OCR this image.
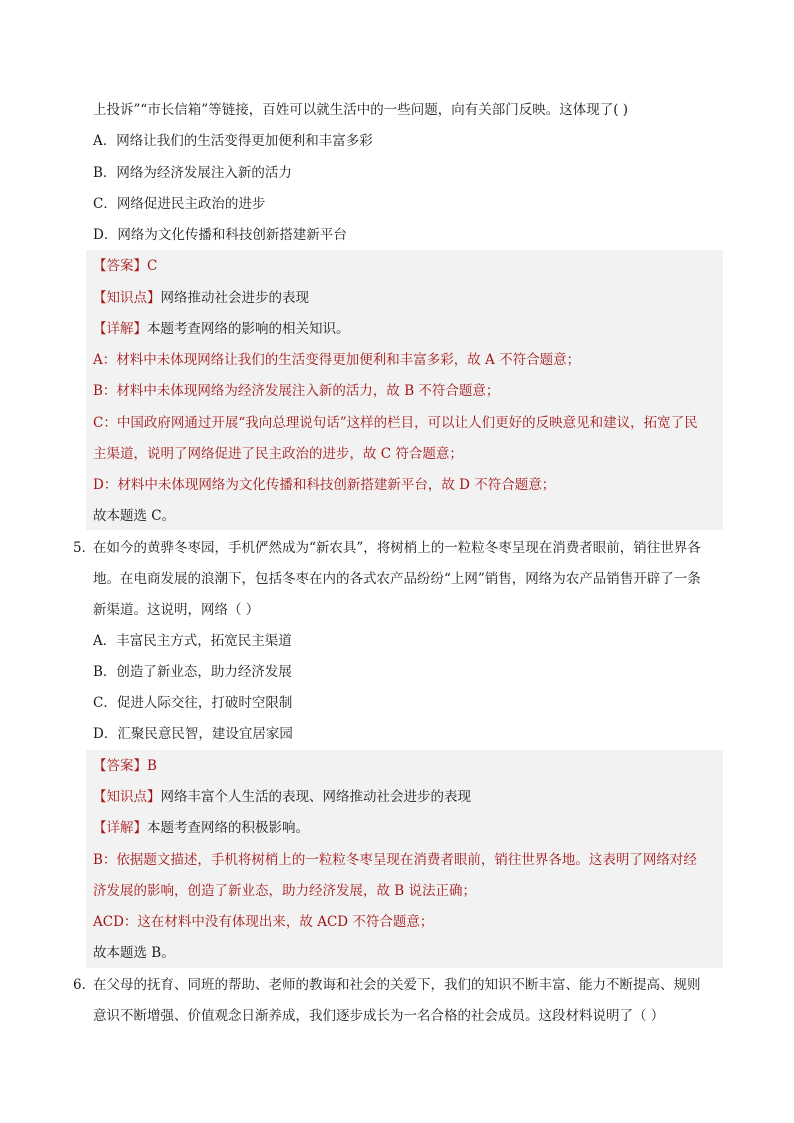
上投诉”“市长信箱”等链接，百姓可以就生活中的一些问题，向有关部门反映。这体现了( )
A．网络让我们的生活变得更加便利和丰富多彩
B．网络为经济发展注入新的活力
C．网络促进民主政治的进步
D．网络为文化传播和科技创新搭建新平台
【答案】C
【知识点】网络推动社会进步的表现
【详解】本题考查网络的影响的相关知识。
A：材料中未体现网络让我们的生活变得更加便利和丰富多彩，故 A 不符合题意；
B：材料中未体现网络为经济发展注入新的活力，故 B 不符合题意；
C：中国政府网通过开展“我向总理说句话”这样的栏目，可以让人们更好的反映意见和建议，拓宽了民
主渠道，说明了网络促进了民主政治的进步，故 C 符合题意；
D：材料中未体现网络为文化传播和科技创新搭建新平台，故 D 不符合题意；
故本题选 C。
5．
在如今的黄骅冬枣园，手机俨然成为“新农具”，将树梢上的一粒粒冬枣呈现在消费者眼前，销往世界各
地。在电商发展的浪潮下，包括冬枣在内的各式农产品纷纷“上网”销售，网络为农产品销售开辟了一条
新渠道。这说明，网络（ ）
A．丰富民主方式，拓宽民主渠道
B．创造了新业态，助力经济发展
C．促进人际交往，打破时空限制
D．汇聚民意民智，建设宜居家园
【答案】B
【知识点】网络丰富个人生活的表现、网络推动社会进步的表现
【详解】本题考查网络的积极影响。
B：依据题文描述，手机将树梢上的一粒粒冬枣呈现在消费者眼前，销往世界各地。这表明了网络对经
济发展的影响，创造了新业态，助力经济发展，故 B 说法正确；
ACD：这在材料中没有体现出来，故 ACD 不符合题意；
故本题选 B。
6．
在父母的抚育、同班的帮助、老师的教诲和社会的关爱下，我们的知识不断丰富、能力不断提高、规则
意识不断增强、价值观念日渐养成，我们逐步成长为一名合格的社会成员。这段材料说明了（ ）
